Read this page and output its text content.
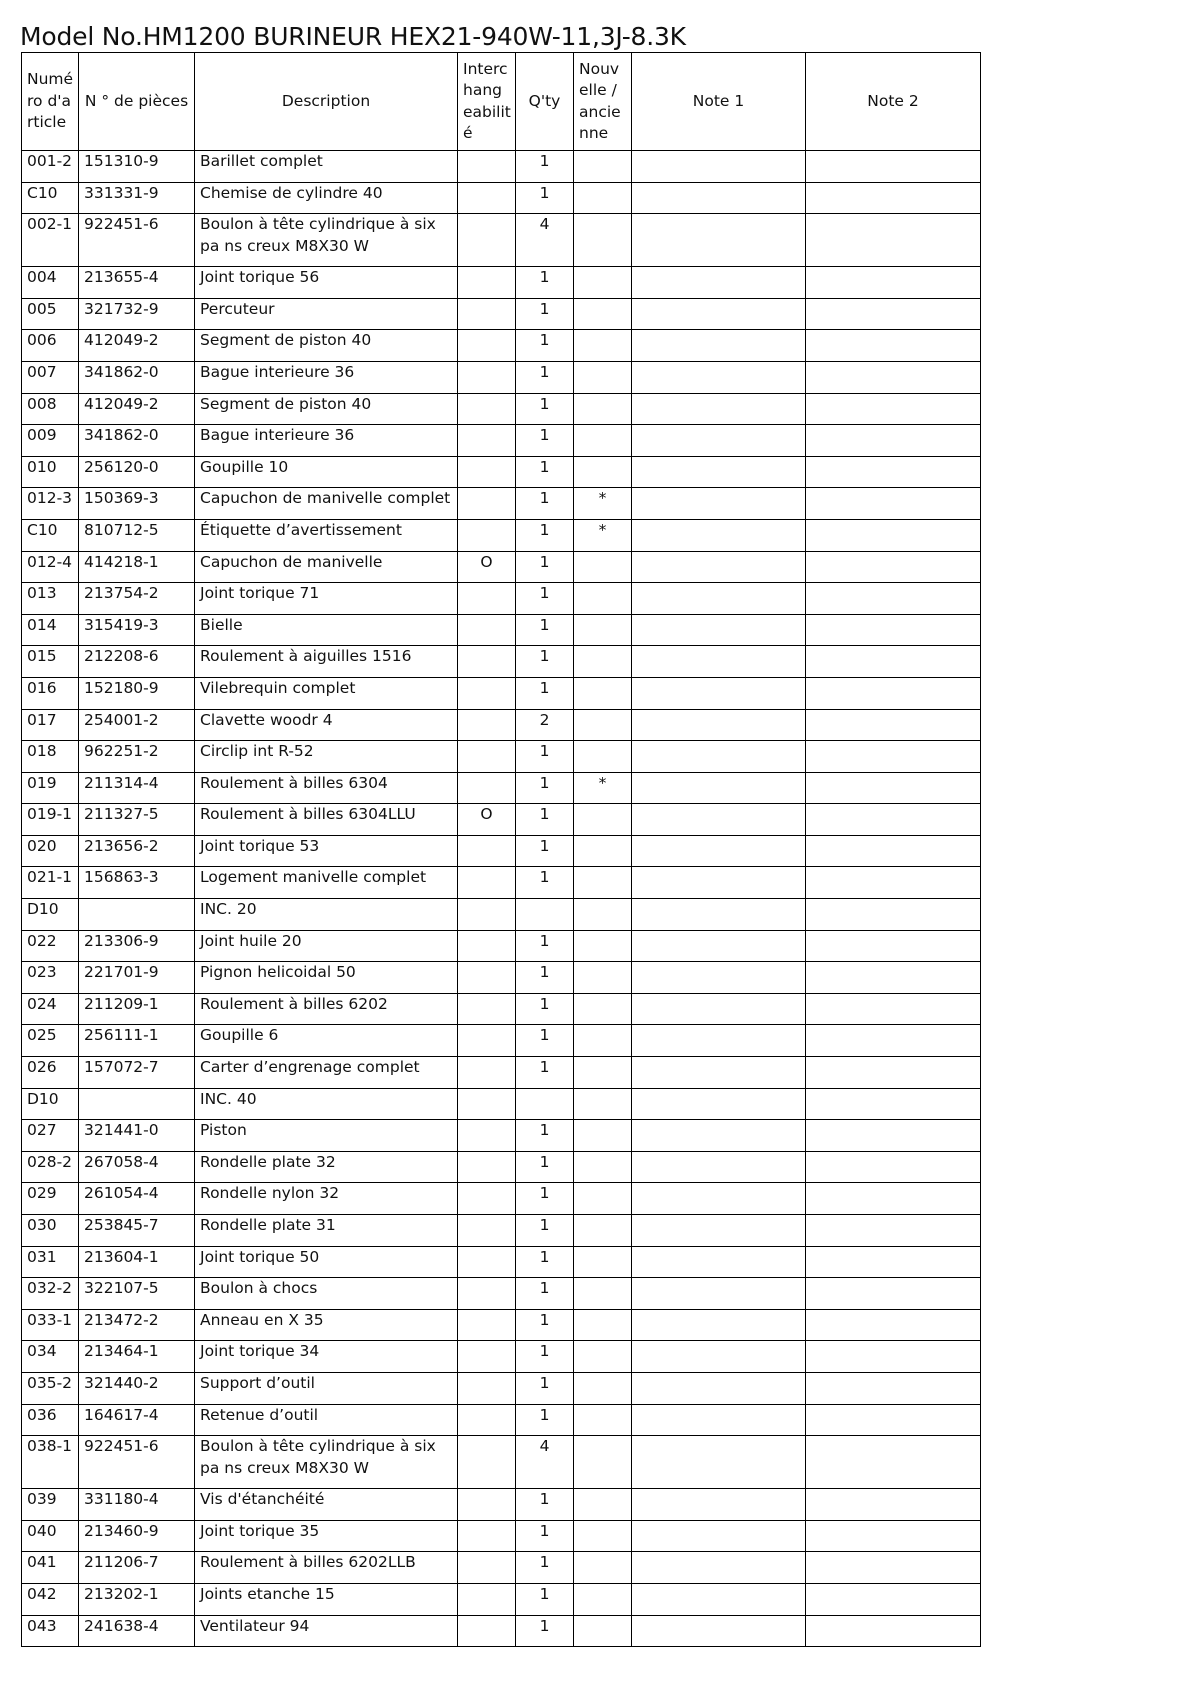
Model No.HM1200 BURINEUR HEX21-940W-11,3J-8.3K
Numé ro d'a rticle	N ° de pièces	Description	Interc hang eabilit é	Q'ty	Nouv elle / ancie nne	Note 1	Note 2
001-2	151310-9	Barillet complet		1			
C10	331331-9	Chemise de cylindre 40		1			
002-1	922451-6	Boulon à tête cylindrique à six pa ns creux M8X30 W		4			
004	213655-4	Joint torique 56		1			
005	321732-9	Percuteur		1			
006	412049-2	Segment de piston 40		1			
007	341862-0	Bague interieure 36		1			
008	412049-2	Segment de piston 40		1			
009	341862-0	Bague interieure 36		1			
010	256120-0	Goupille 10		1			
012-3	150369-3	Capuchon de manivelle complet		1	*		
C10	810712-5	Étiquette d’avertissement		1	*		
012-4	414218-1	Capuchon de manivelle	O	1			
013	213754-2	Joint torique 71		1			
014	315419-3	Bielle		1			
015	212208-6	Roulement à aiguilles 1516		1			
016	152180-9	Vilebrequin complet		1			
017	254001-2	Clavette woodr 4		2			
018	962251-2	Circlip int R-52		1			
019	211314-4	Roulement à billes 6304		1	*		
019-1	211327-5	Roulement à billes 6304LLU	O	1			
020	213656-2	Joint torique 53		1			
021-1	156863-3	Logement manivelle complet		1			
D10		INC. 20					
022	213306-9	Joint huile 20		1			
023	221701-9	Pignon helicoidal 50		1			
024	211209-1	Roulement à billes 6202		1			
025	256111-1	Goupille 6		1			
026	157072-7	Carter d’engrenage complet		1			
D10		INC. 40					
027	321441-0	Piston		1			
028-2	267058-4	Rondelle plate 32		1			
029	261054-4	Rondelle nylon 32		1			
030	253845-7	Rondelle plate 31		1			
031	213604-1	Joint torique 50		1			
032-2	322107-5	Boulon à chocs		1			
033-1	213472-2	Anneau en X 35		1			
034	213464-1	Joint torique 34		1			
035-2	321440-2	Support d’outil		1			
036	164617-4	Retenue d’outil		1			
038-1	922451-6	Boulon à tête cylindrique à six pa ns creux M8X30 W		4			
039	331180-4	Vis d'étanchéité		1			
040	213460-9	Joint torique 35		1			
041	211206-7	Roulement à billes 6202LLB		1			
042	213202-1	Joints etanche 15		1			
043	241638-4	Ventilateur 94		1			
